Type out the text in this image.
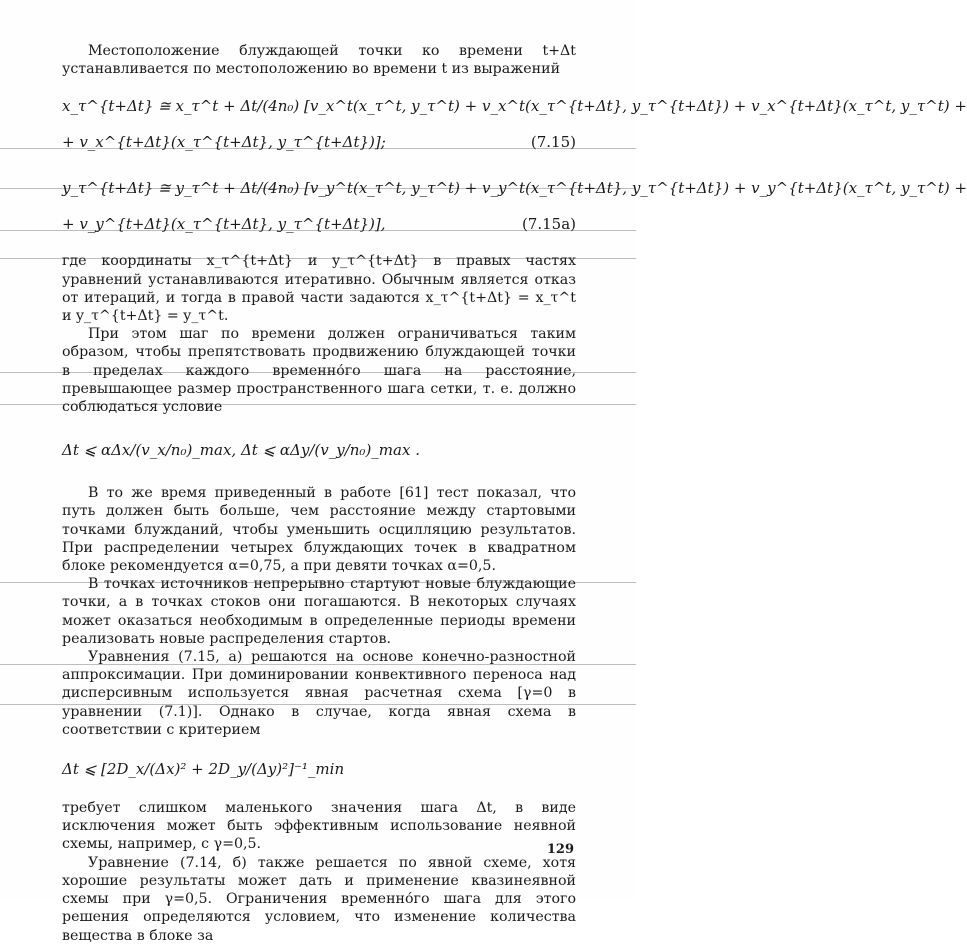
Местоположение блуждающей точки ко времени t+Δt устанавливается по местоположению во времени t из выражений

x_τ^{t+Δt} ≅ x_τ^t + Δt/(4n₀) [v_x^t(x_τ^t, y_τ^t) + v_x^t(x_τ^{t+Δt}, y_τ^{t+Δt}) + v_x^{t+Δt}(x_τ^t, y_τ^t) +
+ v_x^{t+Δt}(x_τ^{t+Δt}, y_τ^{t+Δt})];	(7.15)
y_τ^{t+Δt} ≅ y_τ^t + Δt/(4n₀) [v_y^t(x_τ^t, y_τ^t) + v_y^t(x_τ^{t+Δt}, y_τ^{t+Δt}) + v_y^{t+Δt}(x_τ^t, y_τ^t) +
+ v_y^{t+Δt}(x_τ^{t+Δt}, y_τ^{t+Δt})],	(7.15а)

где координаты x_τ^{t+Δt} и y_τ^{t+Δt} в правых частях уравнений устанавливаются итеративно. Обычным является отказ от итераций, и тогда в правой части задаются x_τ^{t+Δt} = x_τ^t и y_τ^{t+Δt} = y_τ^t.

При этом шаг по времени должен ограничиваться таким образом, чтобы препятствовать продвижению блуждающей точки в пределах каждого временно́го шага на расстояние, превышающее размер пространственного шага сетки, т. е. должно соблюдаться условие

Δt ⩽ αΔx/(v_x/n₀)_max, Δt ⩽ αΔy/(v_y/n₀)_max .

В то же время приведенный в работе [61] тест показал, что путь должен быть больше, чем расстояние между стартовыми точками блужданий, чтобы уменьшить осцилляцию результатов. При распределении четырех блуждающих точек в квадратном блоке рекомендуется α=0,75, а при девяти точках α=0,5.

В точках источников непрерывно стартуют новые блуждающие точки, а в точках стоков они погашаются. В некоторых случаях может оказаться необходимым в определенные периоды времени реализовать новые распределения стартов.

Уравнения (7.15, а) решаются на основе конечно-разностной аппроксимации. При доминировании конвективного переноса над дисперсивным используется явная расчетная схема [γ=0 в уравнении (7.1)]. Однако в случае, когда явная схема в соответствии с критерием

Δt ⩽ [2D_x/(Δx)² + 2D_y/(Δy)²]⁻¹_min

требует слишком маленького значения шага Δt, в виде исключения может быть эффективным использование неявной схемы, например, с γ=0,5.

Уравнение (7.14, б) также решается по явной схеме, хотя хорошие результаты может дать и применение квазинеявной схемы при γ=0,5. Ограничения временно́го шага для этого решения определяются условием, что изменение количества вещества в блоке за

129
